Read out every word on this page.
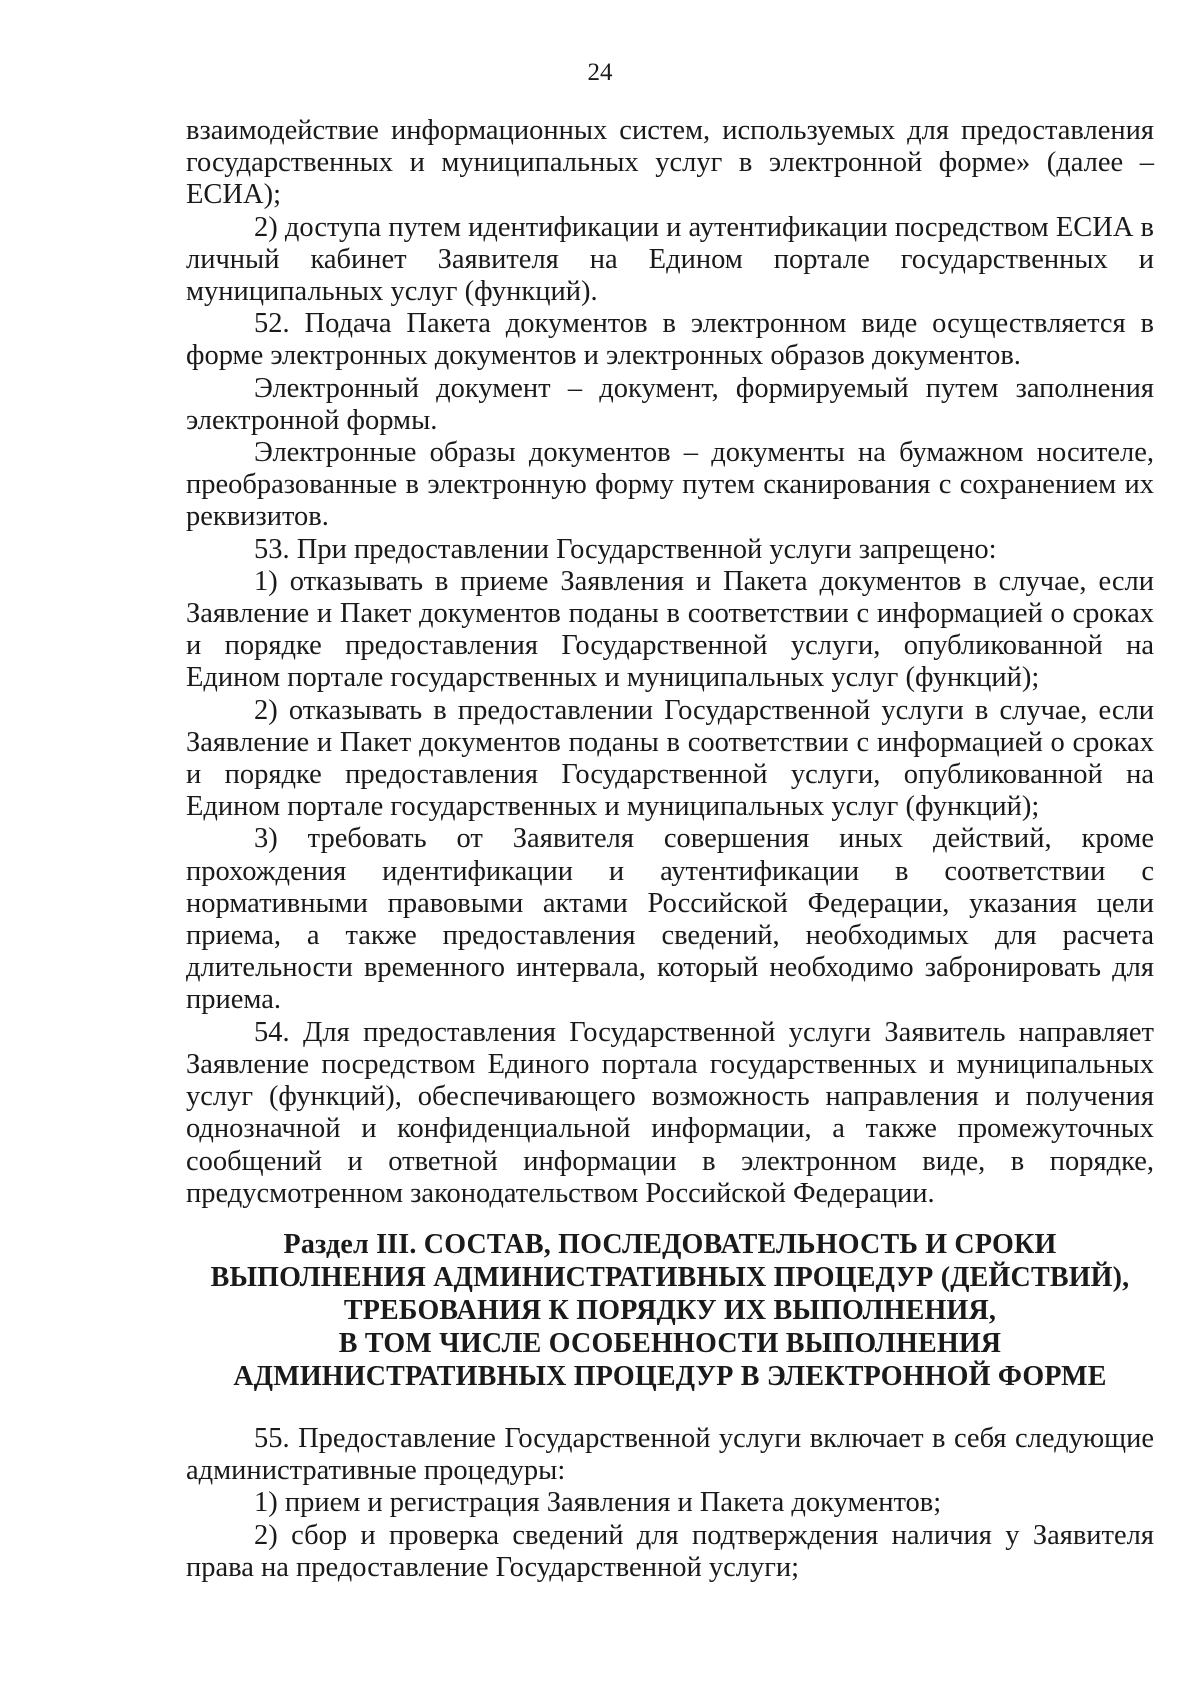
24

взаимодействие информационных систем, используемых для предоставления государственных и муниципальных услуг в электронной форме» (далее – ЕСИА);

2) доступа путем идентификации и аутентификации посредством ЕСИА в личный кабинет Заявителя на Едином портале государственных и муниципальных услуг (функций).

52. Подача Пакета документов в электронном виде осуществляется в форме электронных документов и электронных образов документов.

Электронный документ – документ, формируемый путем заполнения электронной формы.

Электронные образы документов – документы на бумажном носителе, преобразованные в электронную форму путем сканирования с сохранением их реквизитов.

53. При предоставлении Государственной услуги запрещено:

1) отказывать в приеме Заявления и Пакета документов в случае, если Заявление и Пакет документов поданы в соответствии с информацией о сроках и порядке предоставления Государственной услуги, опубликованной на Едином портале государственных и муниципальных услуг (функций);

2) отказывать в предоставлении Государственной услуги в случае, если Заявление и Пакет документов поданы в соответствии с информацией о сроках и порядке предоставления Государственной услуги, опубликованной на Едином портале государственных и муниципальных услуг (функций);

3) требовать от Заявителя совершения иных действий, кроме прохождения идентификации и аутентификации в соответствии с нормативными правовыми актами Российской Федерации, указания цели приема, а также предоставления сведений, необходимых для расчета длительности временного интервала, который необходимо забронировать для приема.

54. Для предоставления Государственной услуги Заявитель направляет Заявление посредством Единого портала государственных и муниципальных услуг (функций), обеспечивающего возможность направления и получения однозначной и конфиденциальной информации, а также промежуточных сообщений и ответной информации в электронном виде, в порядке, предусмотренном законодательством Российской Федерации.

Раздел III. СОСТАВ, ПОСЛЕДОВАТЕЛЬНОСТЬ И СРОКИ
ВЫПОЛНЕНИЯ АДМИНИСТРАТИВНЫХ ПРОЦЕДУР (ДЕЙСТВИЙ),
ТРЕБОВАНИЯ К ПОРЯДКУ ИХ ВЫПОЛНЕНИЯ,
В ТОМ ЧИСЛЕ ОСОБЕННОСТИ ВЫПОЛНЕНИЯ
АДМИНИСТРАТИВНЫХ ПРОЦЕДУР В ЭЛЕКТРОННОЙ ФОРМЕ

55. Предоставление Государственной услуги включает в себя следующие административные процедуры:

1) прием и регистрация Заявления и Пакета документов;

2) сбор и проверка сведений для подтверждения наличия у Заявителя права на предоставление Государственной услуги;
